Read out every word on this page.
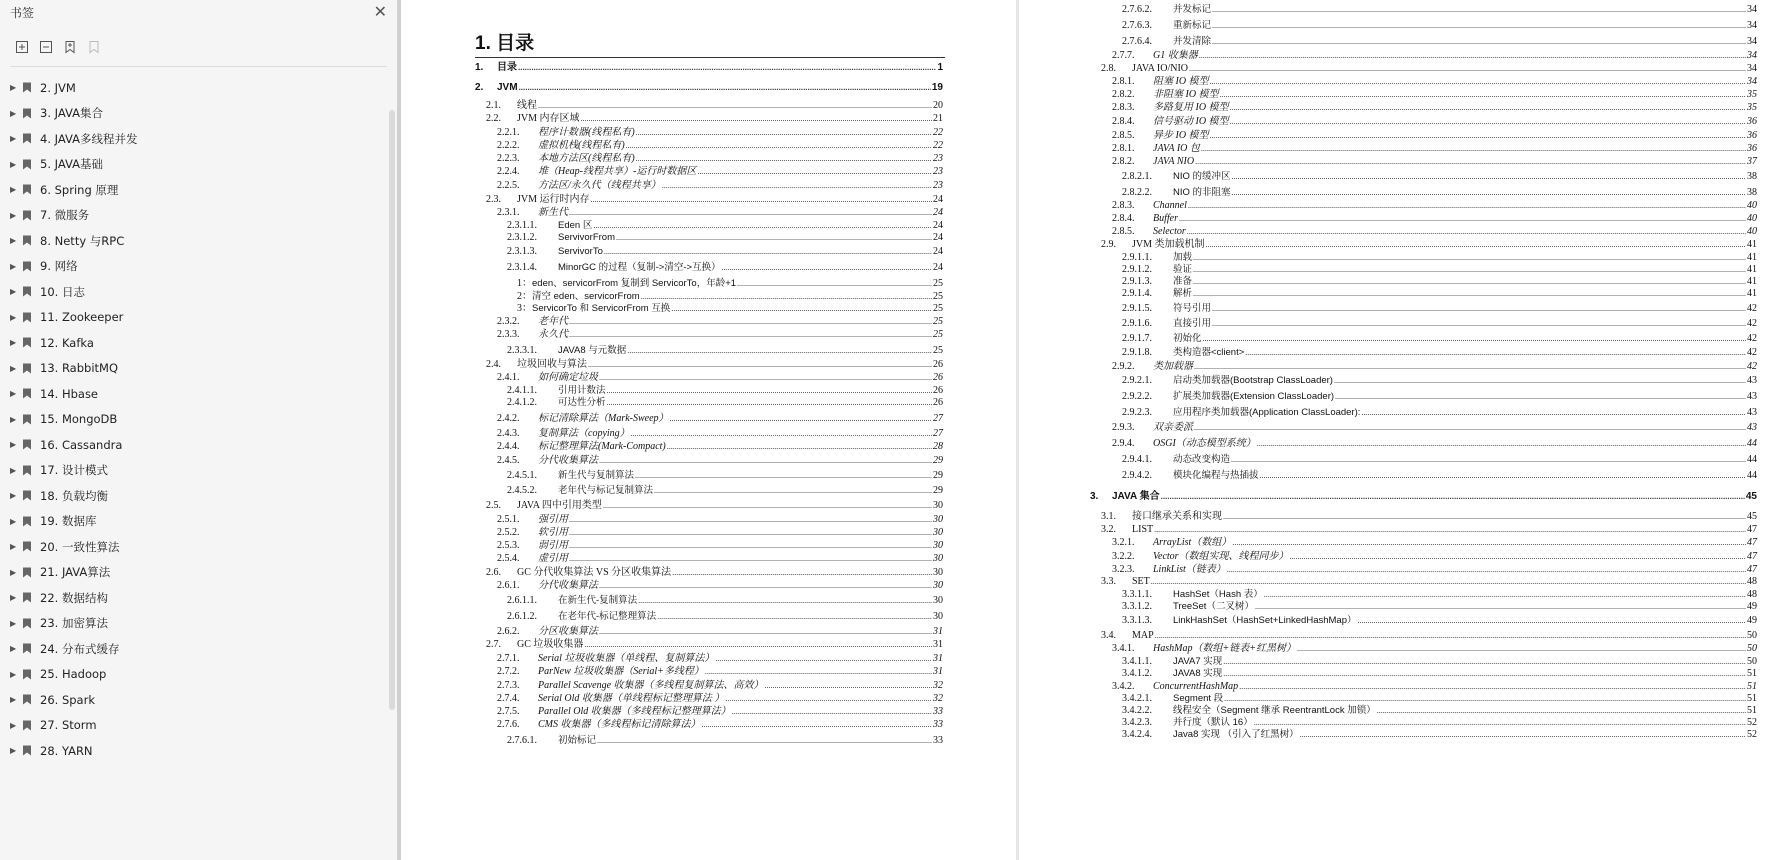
书签	✕
▶ 2. JVM
▶ 3. JAVA集合
▶ 4. JAVA多线程并发
▶ 5. JAVA基础
▶ 6. Spring 原理
▶ 7. 微服务
▶ 8. Netty 与RPC
▶ 9. 网络
▶ 10. 日志
▶ 11. Zookeeper
▶ 12. Kafka
▶ 13. RabbitMQ
▶ 14. Hbase
▶ 15. MongoDB
▶ 16. Cassandra
▶ 17. 设计模式
▶ 18. 负载均衡
▶ 19. 数据库
▶ 20. 一致性算法
▶ 21. JAVA算法
▶ 22. 数据结构
▶ 23. 加密算法
▶ 24. 分布式缓存
▶ 25. Hadoop
▶ 26. Spark
▶ 27. Storm
▶ 28. YARN
1. 目录
1.	目录 .....	1
2.	JVM .....	19
2.1.	线程 .....	20
2.2.	JVM 内存区域 .....	21
2.2.1.	程序计数器(线程私有) .....	22
2.2.2.	虚拟机栈(线程私有) .....	22
2.2.3.	本地方法区(线程私有) .....	23
2.2.4.	堆（Heap-线程共享）-运行时数据区 .....	23
2.2.5.	方法区/永久代（线程共享） .....	23
2.3.	JVM 运行时内存 .....	24
2.3.1.	新生代 .....	24
2.3.1.1.	Eden 区 .....	24
2.3.1.2.	ServivorFrom .....	24
2.3.1.3.	ServivorTo .....	24
2.3.1.4.	MinorGC 的过程（复制->清空->互换） .....	24
1： eden、servicorFrom 复制到 ServicorTo，年龄+1 .....	25
2： 清空 eden、servicorFrom .....	25
3： ServicorTo 和 ServicorFrom 互换 .....	25
2.3.2.	老年代 .....	25
2.3.3.	永久代 .....	25
2.3.3.1.	JAVA8 与元数据 .....	25
2.4.	垃圾回收与算法 .....	26
2.4.1.	如何确定垃圾 .....	26
2.4.1.1.	引用计数法 .....	26
2.4.1.2.	可达性分析 .....	26
2.4.2.	标记清除算法（Mark-Sweep） .....	27
2.4.3.	复制算法（copying） .....	27
2.4.4.	标记整理算法(Mark-Compact) .....	28
2.4.5.	分代收集算法 .....	29
2.4.5.1.	新生代与复制算法 .....	29
2.4.5.2.	老年代与标记复制算法 .....	29
2.5.	JAVA 四中引用类型 .....	30
2.5.1.	强引用 .....	30
2.5.2.	软引用 .....	30
2.5.3.	弱引用 .....	30
2.5.4.	虚引用 .....	30
2.6.	GC 分代收集算法 VS 分区收集算法 .....	30
2.6.1.	分代收集算法 .....	30
2.6.1.1.	在新生代-复制算法 .....	30
2.6.1.2.	在老年代-标记整理算法 .....	30
2.6.2.	分区收集算法 .....	31
2.7.	GC 垃圾收集器 .....	31
2.7.1.	Serial 垃圾收集器（单线程、复制算法） .....	31
2.7.2.	ParNew 垃圾收集器（Serial+多线程） .....	31
2.7.3.	Parallel Scavenge 收集器（多线程复制算法、高效） .....	32
2.7.4.	Serial Old 收集器（单线程标记整理算法 ） .....	32
2.7.5.	Parallel Old 收集器（多线程标记整理算法） .....	33
2.7.6.	CMS 收集器（多线程标记清除算法） .....	33
2.7.6.1.	初始标记 .....	33
2.7.6.2.	并发标记 .....	34
2.7.6.3.	重新标记 .....	34
2.7.6.4.	并发清除 .....	34
2.7.7.	G1 收集器 .....	34
2.8.	JAVA IO/NIO .....	34
2.8.1.	阻塞 IO 模型 .....	34
2.8.2.	非阻塞 IO 模型 .....	35
2.8.3.	多路复用 IO 模型 .....	35
2.8.4.	信号驱动 IO 模型 .....	36
2.8.5.	异步 IO 模型 .....	36
2.8.1.	JAVA IO 包 .....	36
2.8.2.	JAVA NIO .....	37
2.8.2.1.	NIO 的缓冲区 .....	38
2.8.2.2.	NIO 的非阻塞 .....	38
2.8.3.	Channel .....	40
2.8.4.	Buffer .....	40
2.8.5.	Selector .....	40
2.9.	JVM 类加载机制 .....	41
2.9.1.1.	加载 .....	41
2.9.1.2.	验证 .....	41
2.9.1.3.	准备 .....	41
2.9.1.4.	解析 .....	41
2.9.1.5.	符号引用 .....	42
2.9.1.6.	直接引用 .....	42
2.9.1.7.	初始化 .....	42
2.9.1.8.	类构造器<client> .....	42
2.9.2.	类加载器 .....	42
2.9.2.1.	启动类加载器(Bootstrap ClassLoader) .....	43
2.9.2.2.	扩展类加载器(Extension ClassLoader) .....	43
2.9.2.3.	应用程序类加载器(Application ClassLoader): .....	43
2.9.3.	双亲委派 .....	43
2.9.4.	OSGI（动态模型系统） .....	44
2.9.4.1.	动态改变构造 .....	44
2.9.4.2.	模块化编程与热插拔 .....	44
3.	JAVA 集合 .....	45
3.1.	接口继承关系和实现 .....	45
3.2.	LIST .....	47
3.2.1.	ArrayList（数组） .....	47
3.2.2.	Vector（数组实现、线程同步） .....	47
3.2.3.	LinkList（链表） .....	47
3.3.	SET .....	48
3.3.1.1.	HashSet（Hash 表） .....	48
3.3.1.2.	TreeSet（二叉树） .....	49
3.3.1.3.	LinkHashSet（HashSet+LinkedHashMap） .....	49
3.4.	MAP .....	50
3.4.1.	HashMap（数组+链表+红黑树） .....	50
3.4.1.1.	JAVA7 实现 .....	50
3.4.1.2.	JAVA8 实现 .....	51
3.4.2.	ConcurrentHashMap .....	51
3.4.2.1.	Segment 段 .....	51
3.4.2.2.	线程安全（Segment 继承 ReentrantLock 加锁） .....	51
3.4.2.3.	并行度（默认 16） .....	52
3.4.2.4.	Java8 实现 （引入了红黑树） .....	52
